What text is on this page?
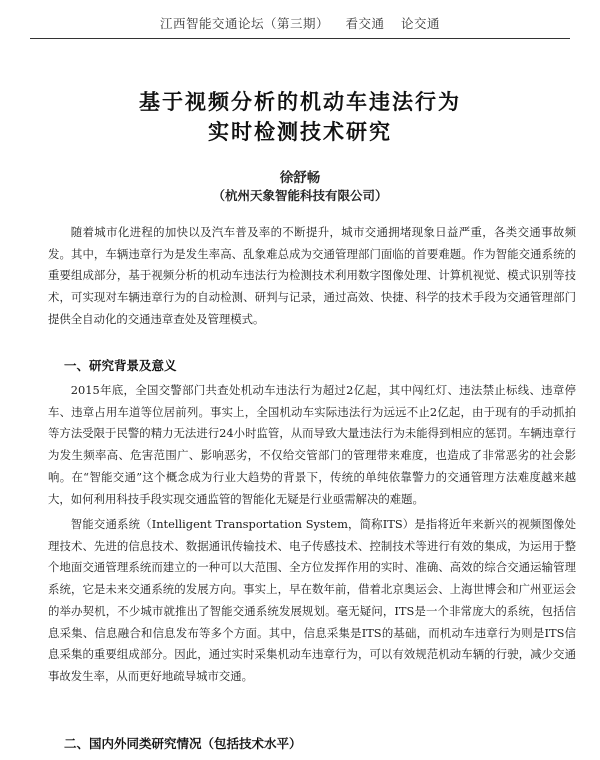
江西智能交通论坛（第三期） 看交通 论交通
基于视频分析的机动车违法行为
实时检测技术研究
徐舒畅
（杭州天象智能科技有限公司）

随着城市化进程的加快以及汽车普及率的不断提升，城市交通拥堵现象日益严重，各类交通事故频发。其中，车辆违章行为是发生率高、乱象难总成为交通管理部门面临的首要难题。作为智能交通系统的重要组成部分，基于视频分析的机动车违法行为检测技术利用数字图像处理、计算机视觉、模式识别等技术，可实现对车辆违章行为的自动检测、研判与记录，通过高效、快捷、科学的技术手段为交通管理部门提供全自动化的交通违章查处及管理模式。

一、研究背景及意义

2015年底，全国交警部门共查处机动车违法行为超过2亿起，其中闯红灯、违法禁止标线、违章停车、违章占用车道等位居前列。事实上，全国机动车实际违法行为远远不止2亿起，由于现有的手动抓拍等方法受限于民警的精力无法进行24小时监管，从而导致大量违法行为未能得到相应的惩罚。车辆违章行为发生频率高、危害范围广、影响恶劣，不仅给交管部门的管理带来难度，也造成了非常恶劣的社会影响。在“智能交通”这个概念成为行业大趋势的背景下，传统的单纯依靠警力的交通管理方法难度越来越大，如何利用科技手段实现交通监管的智能化无疑是行业亟需解决的难题。

智能交通系统（Intelligent Transportation System，简称ITS）是指将近年来新兴的视频图像处理技术、先进的信息技术、数据通讯传输技术、电子传感技术、控制技术等进行有效的集成，为运用于整个地面交通管理系统而建立的一种可以大范围、全方位发挥作用的实时、准确、高效的综合交通运输管理系统，它是未来交通系统的发展方向。事实上，早在数年前，借着北京奥运会、上海世博会和广州亚运会的举办契机，不少城市就推出了智能交通系统发展规划。毫无疑问，ITS是一个非常庞大的系统，包括信息采集、信息融合和信息发布等多个方面。其中，信息采集是ITS的基础，而机动车违章行为则是ITS信息采集的重要组成部分。因此，通过实时采集机动车违章行为，可以有效规范机动车辆的行驶，减少交通事故发生率，从而更好地疏导城市交通。

二、国内外同类研究情况（包括技术水平）
